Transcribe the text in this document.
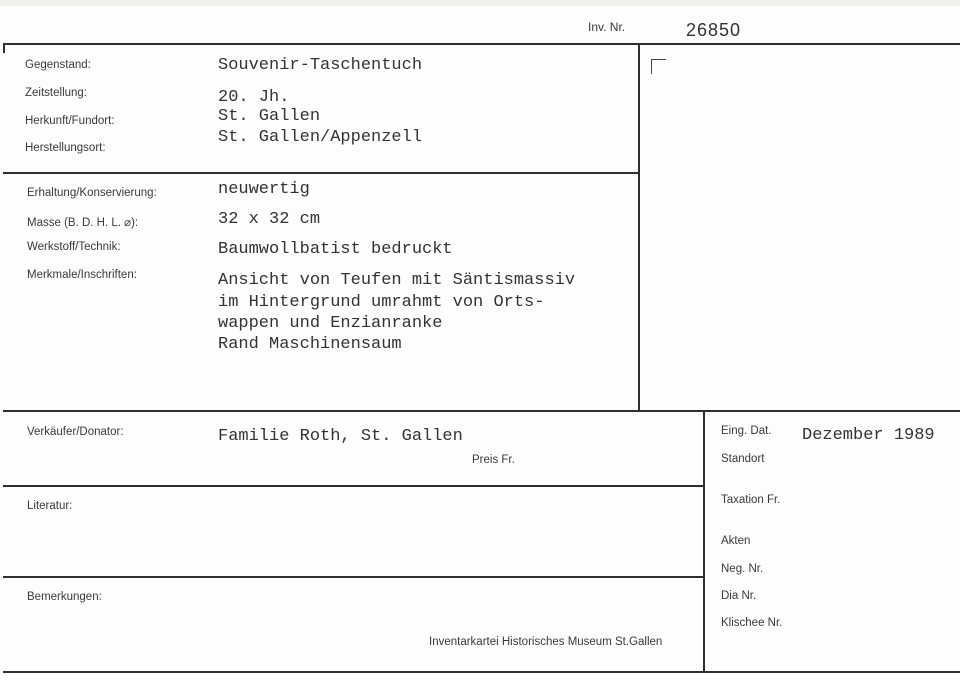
Inv. Nr.	26850
Gegenstand:	Souvenir-Taschentuch
Zeitstellung:	20. Jh.
Herkunft/Fundort:	St. Gallen
Herstellungsort:
St. Gallen/Appenzell
Erhaltung/Konservierung:	neuwertig
Masse (B. D. H. L. ⌀):	32 x 32 cm
Werkstoff/Technik:	Baumwollbatist bedruckt
Merkmale/Inschriften:	Ansicht von Teufen mit Säntismassiv
im Hintergrund umrahmt von Orts-
wappen und Enzianranke
Rand Maschinensaum
Verkäufer/Donator:	Familie Roth, St. Gallen
Preis Fr.
Literatur:
Bemerkungen:
Inventarkartei Historisches Museum St.Gallen
Eing. Dat. Dezember 1989
Standort
Taxation Fr.
Akten
Neg. Nr.
Dia Nr.
Klischee Nr.
